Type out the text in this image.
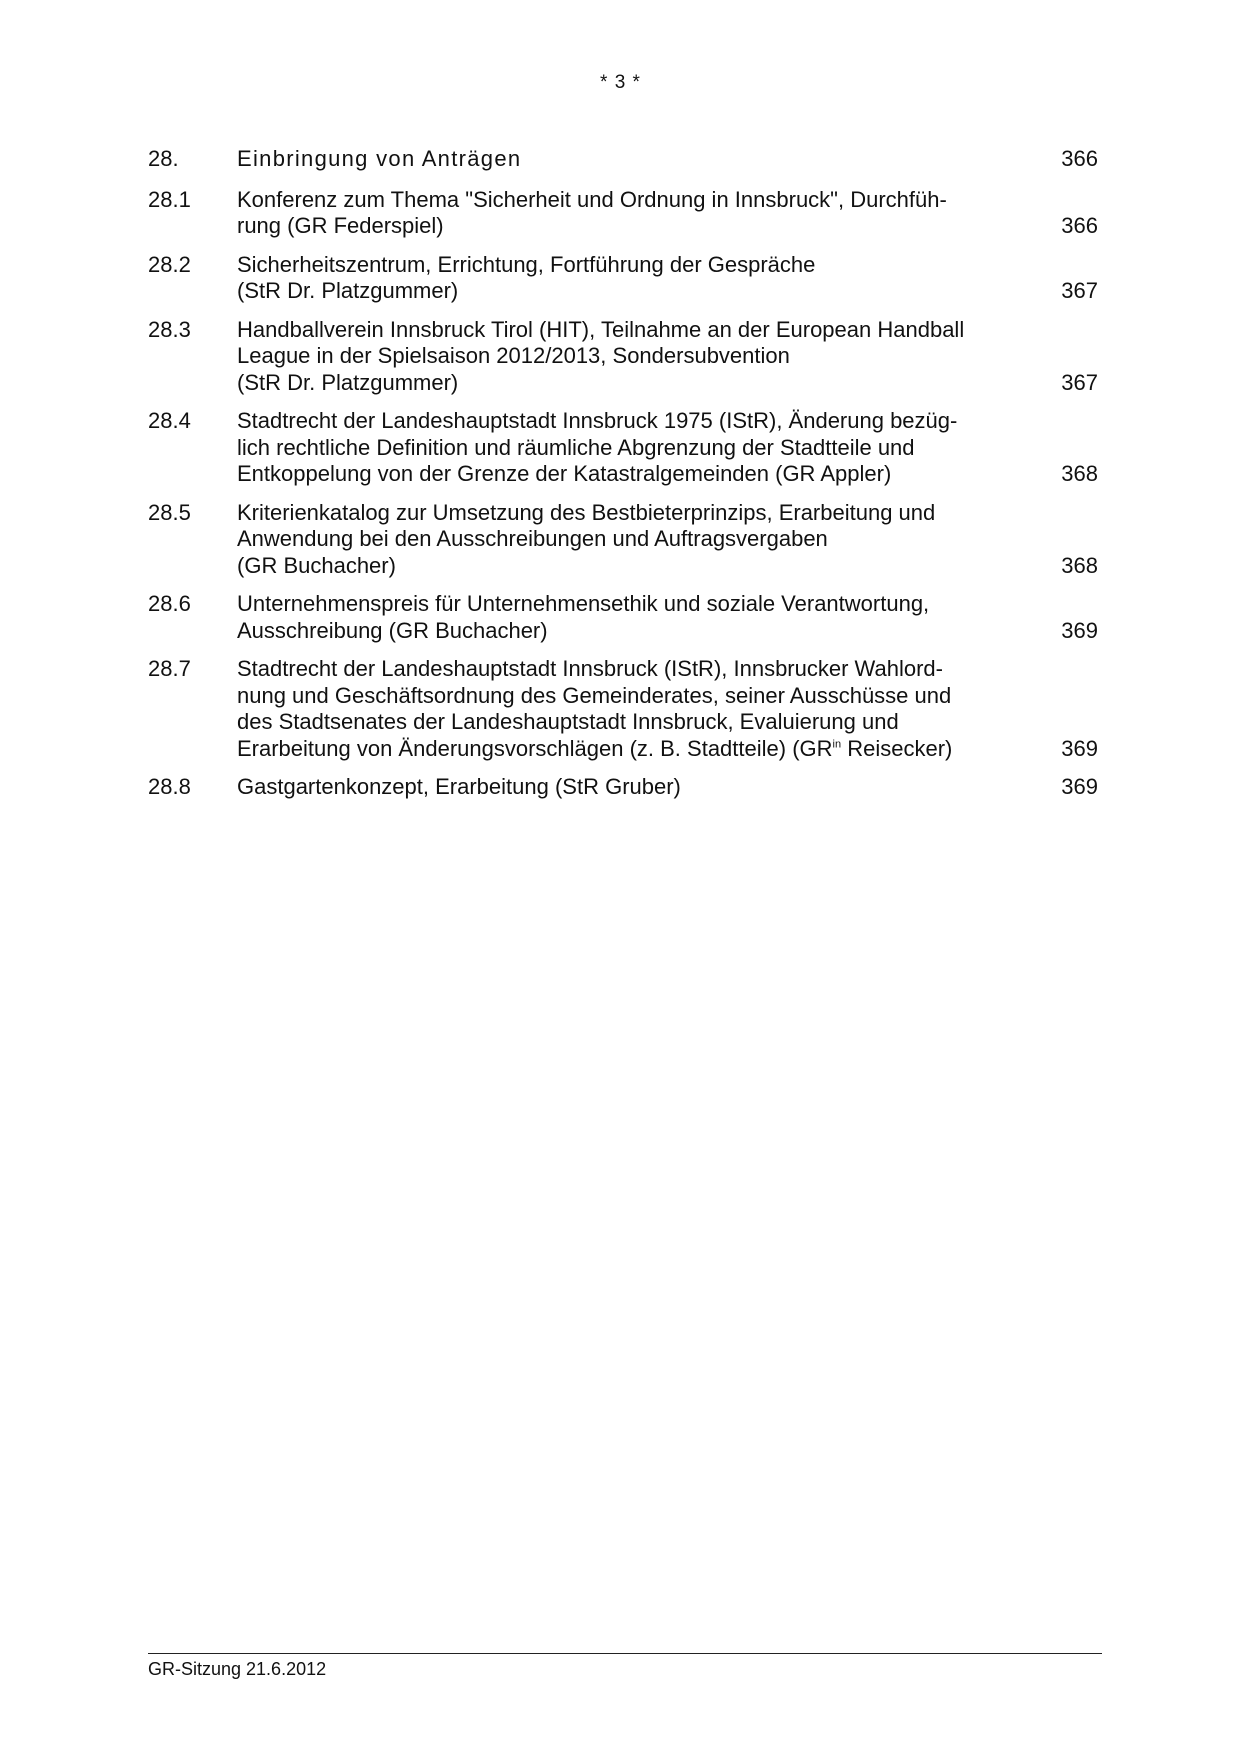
* 3 *
28.	Einbringung von Anträgen	366
28.1 Konferenz zum Thema "Sicherheit und Ordnung in Innsbruck", Durchfüh-
rung (GR Federspiel)	366
28.2 Sicherheitszentrum, Errichtung, Fortführung der Gespräche
(StR Dr. Platzgummer)	367
28.3 Handballverein Innsbruck Tirol (HIT), Teilnahme an der European Handball
League in der Spielsaison 2012/2013, Sondersubvention
(StR Dr. Platzgummer)	367
28.4 Stadtrecht der Landeshauptstadt Innsbruck 1975 (IStR), Änderung bezüg-
lich rechtliche Definition und räumliche Abgrenzung der Stadtteile und
Entkoppelung von der Grenze der Katastralgemeinden (GR Appler)	368
28.5 Kriterienkatalog zur Umsetzung des Bestbieterprinzips, Erarbeitung und
Anwendung bei den Ausschreibungen und Auftragsvergaben
(GR Buchacher)	368
28.6 Unternehmenspreis für Unternehmensethik und soziale Verantwortung,
Ausschreibung (GR Buchacher)	369
28.7 Stadtrecht der Landeshauptstadt Innsbruck (IStR), Innsbrucker Wahlord-
nung und Geschäftsordnung des Gemeinderates, seiner Ausschüsse und
des Stadtsenates der Landeshauptstadt Innsbruck, Evaluierung und
Erarbeitung von Änderungsvorschlägen (z. B. Stadtteile) ($GR^{in}$ Reisecker)	369
28.8 Gastgartenkonzept, Erarbeitung (StR Gruber)	369
GR-Sitzung 21.6.2012
